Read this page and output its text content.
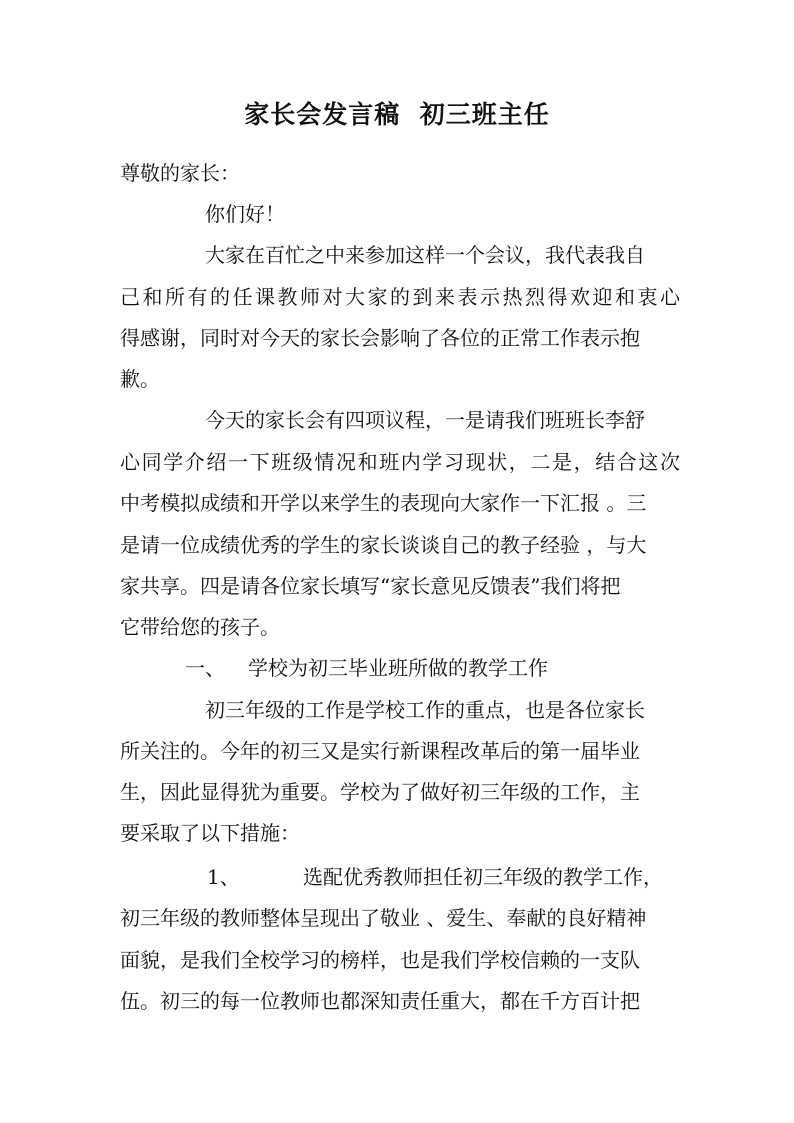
家长会发言稿  初三班主任
尊敬的家长：
你们好！
大家在百忙之中来参加这样一个会议，我代表我自
己和所有的任课教师对大家的到来表示热烈得欢迎和衷心
得感谢，同时对今天的家长会影响了各位的正常工作表示抱
歉。
今天的家长会有四项议程，一是请我们班班长李舒
心同学介绍一下班级情况和班内学习现状，二是，结合这次
中考模拟成绩和开学以来学生的表现向大家作一下汇报 。三
是请一位成绩优秀的学生的家长谈谈自己的教子经验 ，与大
家共享。四是请各位家长填写“家长意见反馈表”我们将把
它带给您的孩子。
一、 学校为初三毕业班所做的教学工作
初三年级的工作是学校工作的重点，也是各位家长
所关注的。今年的初三又是实行新课程改革后的第一届毕业
生，因此显得犹为重要。学校为了做好初三年级的工作，主
要采取了以下措施：
1、	选配优秀教师担任初三年级的教学工作，
初三年级的教师整体呈现出了敬业 、爱生、奉献的良好精神
面貌，是我们全校学习的榜样，也是我们学校信赖的一支队
伍。初三的每一位教师也都深知责任重大，都在千方百计把
